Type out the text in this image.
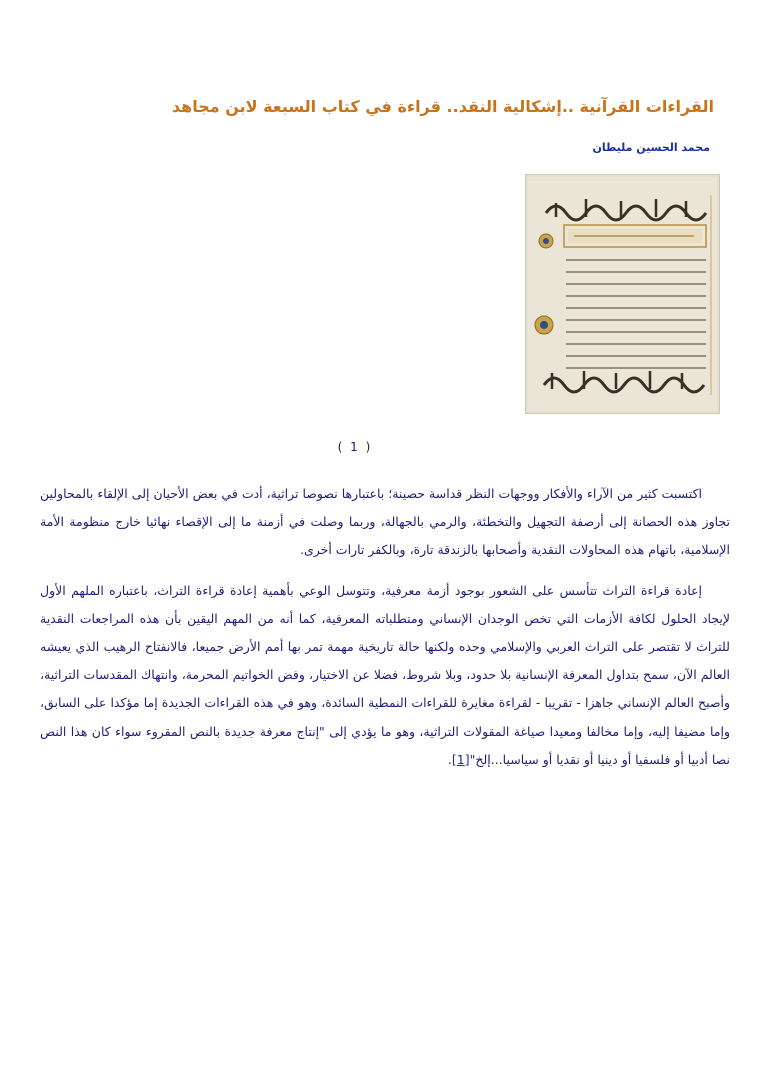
القراءات القرآنية ..إشكالية النقد.. قراءة في كتاب السبعة لابن مجاهد
محمد الحسين مليطان
( 1 )

اكتسبت كثير من الآراء والأفكار ووجهات النظر قداسة حصينة؛ باعتبارها نصوصا تراثية، أدت في بعض الأحيان إلى الإلقاء بالمحاولين تجاوز هذه الحصانة إلى أرصفة التجهيل والتخطئة، والرمي بالجهالة، وربما وصلت في أزمنة ما إلى الإقصاء نهائيا خارج منظومة الأمة الإسلامية، باتهام هذه المحاولات النقدية وأصحابها بالزندقة تارة، وبالكفر تارات أخرى.

إعادة قراءة التراث تتأسس على الشعور بوجود أزمة معرفية، وتتوسل الوعي بأهمية إعادة قراءة التراث، باعتباره الملهم الأول لإيجاد الحلول لكافة الأزمات التي تخص الوجدان الإنساني ومتطلباته المعرفية، كما أنه من المهم اليقين بأن هذه المراجعات النقدية للتراث لا تقتصر على التراث العربي والإسلامي وحده ولكنها حالة تاريخية مهمة تمر بها أمم الأرض جميعا، فالانفتاح الرهيب الذي يعيشه العالم الآن، سمح بتداول المعرفة الإنسانية بلا حدود، وبلا شروط، فضلا عن الاختيار، وفض الخواتيم المحرمة، وانتهاك المقدسات التراثية، وأصبح العالم الإنساني جاهزا - تقريبا - لقراءة مغايرة للقراءات النمطية السائدة، وهو في هذه القراءات الجديدة إما مؤكدا على السابق، وإما مضيفا إليه، وإما مخالفا ومعيدا صياغة المقولات التراثية، وهو ما يؤدي إلى "إنتاج معرفة جديدة بالنص المقروء سواء كان هذا النص نصا أدبيا أو فلسفيا أو دينيا أو نقديا أو سياسيا...إلخ"[1].
